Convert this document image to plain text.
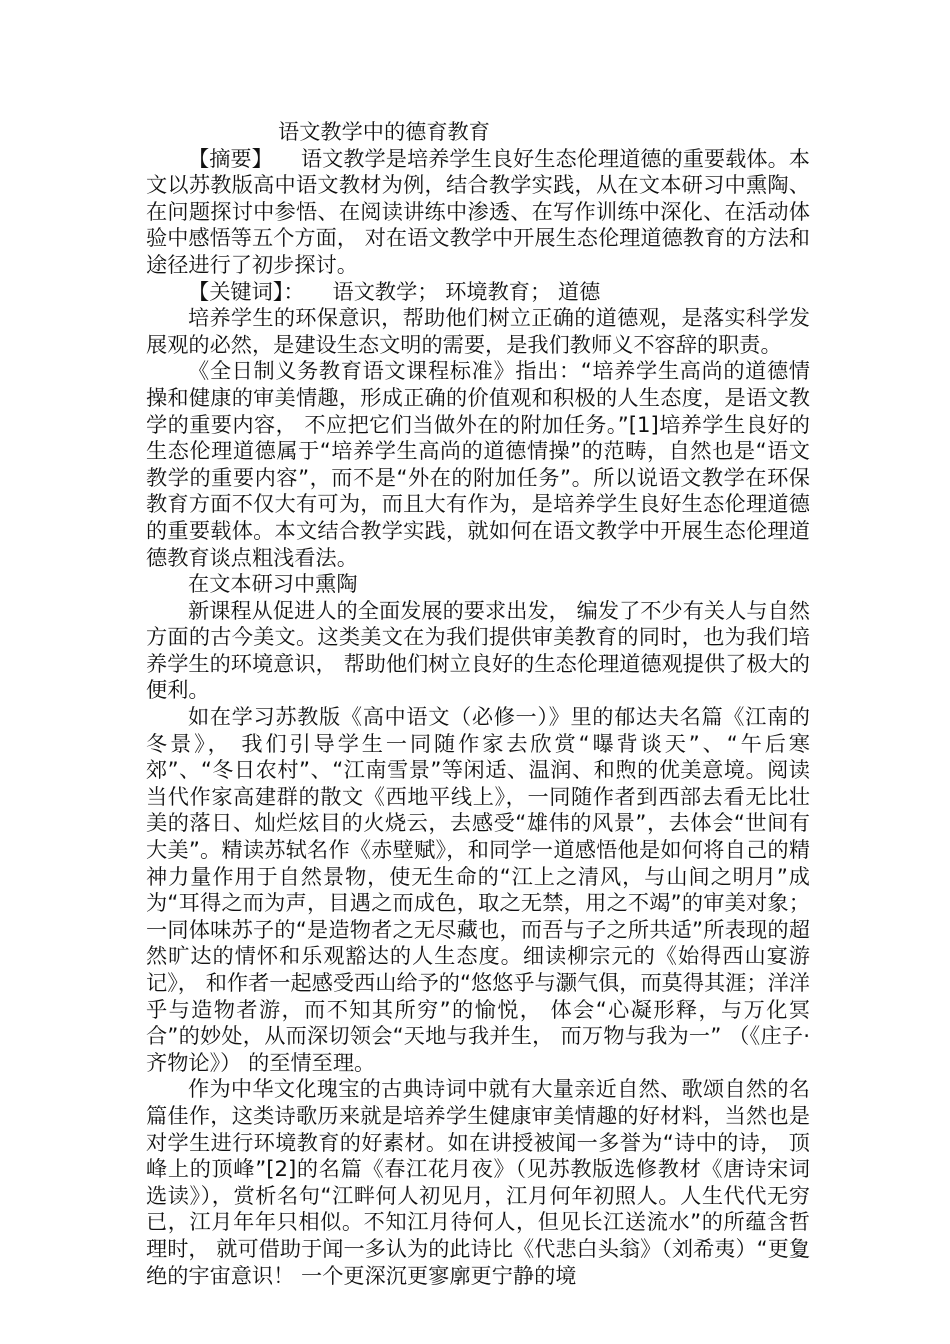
语文教学中的德育教育

【摘要】 语文教学是培养学生良好生态伦理道德的重要载体。本文以苏教版高中语文教材为例，结合教学实践，从在文本研习中熏陶、在问题探讨中参悟、在阅读讲练中渗透、在写作训练中深化、在活动体验中感悟等五个方面， 对在语文教学中开展生态伦理道德教育的方法和途径进行了初步探讨。

【关键词】： 语文教学； 环境教育； 道德

培养学生的环保意识，帮助他们树立正确的道德观，是落实科学发展观的必然，是建设生态文明的需要，是我们教师义不容辞的职责。

《全日制义务教育语文课程标准》指出：“培养学生高尚的道德情操和健康的审美情趣，形成正确的价值观和积极的人生态度，是语文教学的重要内容， 不应把它们当做外在的附加任务。”[1]培养学生良好的生态伦理道德属于“培养学生高尚的道德情操”的范畴，自然也是“语文教学的重要内容”，而不是“外在的附加任务”。所以说语文教学在环保教育方面不仅大有可为，而且大有作为，是培养学生良好生态伦理道德的重要载体。本文结合教学实践，就如何在语文教学中开展生态伦理道德教育谈点粗浅看法。

在文本研习中熏陶

新课程从促进人的全面发展的要求出发， 编发了不少有关人与自然方面的古今美文。这类美文在为我们提供审美教育的同时，也为我们培养学生的环境意识， 帮助他们树立良好的生态伦理道德观提供了极大的便利。

如在学习苏教版《高中语文（必修一）》里的郁达夫名篇《江南的冬景》， 我们引导学生一同随作家去欣赏“曝背谈天”、“午后寒郊”、“冬日农村”、“江南雪景”等闲适、温润、和煦的优美意境。阅读当代作家高建群的散文《西地平线上》，一同随作者到西部去看无比壮美的落日、灿烂炫目的火烧云，去感受“雄伟的风景”，去体会“世间有大美”。精读苏轼名作《赤壁赋》，和同学一道感悟他是如何将自己的精神力量作用于自然景物，使无生命的“江上之清风，与山间之明月”成为“耳得之而为声，目遇之而成色，取之无禁，用之不竭”的审美对象；一同体味苏子的“是造物者之无尽藏也，而吾与子之所共适”所表现的超然旷达的情怀和乐观豁达的人生态度。细读柳宗元的《始得西山宴游记》， 和作者一起感受西山给予的“悠悠乎与灏气俱，而莫得其涯；洋洋乎与造物者游，而不知其所穷”的愉悦， 体会“心凝形释，与万化冥合”的妙处，从而深切领会“天地与我并生， 而万物与我为一” （《庄子·齐物论》） 的至情至理。

作为中华文化瑰宝的古典诗词中就有大量亲近自然、歌颂自然的名篇佳作，这类诗歌历来就是培养学生健康审美情趣的好材料，当然也是对学生进行环境教育的好素材。如在讲授被闻一多誉为“诗中的诗， 顶峰上的顶峰”[2]的名篇《春江花月夜》（见苏教版选修教材《唐诗宋词选读》），赏析名句“江畔何人初见月，江月何年初照人。人生代代无穷已，江月年年只相似。不知江月待何人，但见长江送流水”的所蕴含哲理时， 就可借助于闻一多认为的此诗比《代悲白头翁》（刘希夷）“更夐绝的宇宙意识！ 一个更深沉更寥廓更宁静的境
